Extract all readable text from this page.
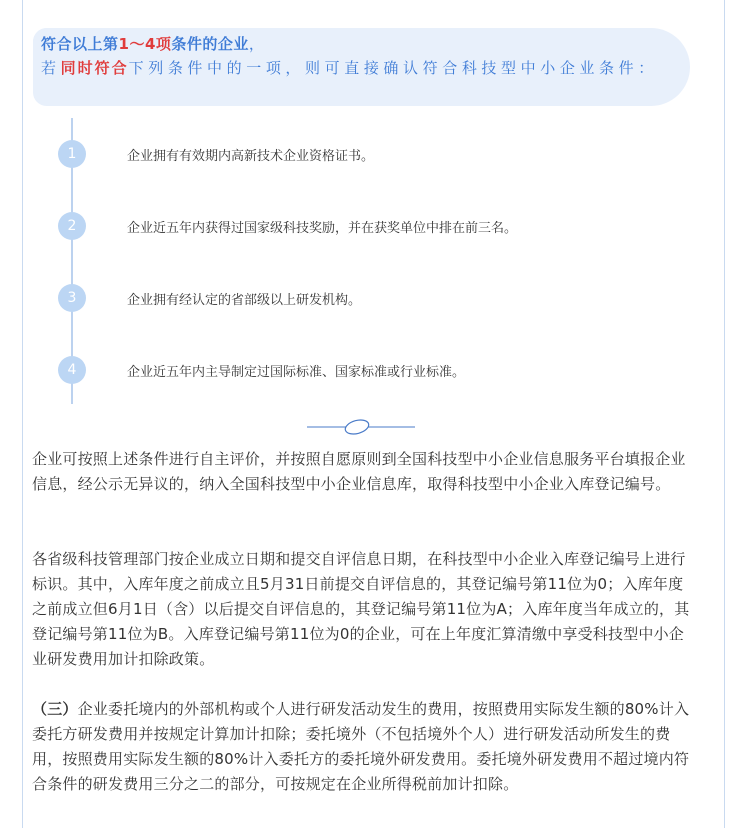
符合以上第1～4项条件的企业，
若同时符合下列条件中的一项，则可直接确认符合科技型中小企业条件：
1	企业拥有有效期内高新技术企业资格证书。
2	企业近五年内获得过国家级科技奖励，并在获奖单位中排在前三名。
3	企业拥有经认定的省部级以上研发机构。
4	企业近五年内主导制定过国际标准、国家标准或行业标准。
企业可按照上述条件进行自主评价，并按照自愿原则到全国科技型中小企业信息服务平台填报企业信息，经公示无异议的，纳入全国科技型中小企业信息库，取得科技型中小企业入库登记编号。
各省级科技管理部门按企业成立日期和提交自评信息日期，在科技型中小企业入库登记编号上进行标识。其中，入库年度之前成立且5月31日前提交自评信息的，其登记编号第11位为0；入库年度之前成立但6月1日（含）以后提交自评信息的，其登记编号第11位为A；入库年度当年成立的，其登记编号第11位为B。入库登记编号第11位为0的企业，可在上年度汇算清缴中享受科技型中小企业研发费用加计扣除政策。
（三）企业委托境内的外部机构或个人进行研发活动发生的费用，按照费用实际发生额的80%计入委托方研发费用并按规定计算加计扣除；委托境外（不包括境外个人）进行研发活动所发生的费用，按照费用实际发生额的80%计入委托方的委托境外研发费用。委托境外研发费用不超过境内符合条件的研发费用三分之二的部分，可按规定在企业所得税前加计扣除。
